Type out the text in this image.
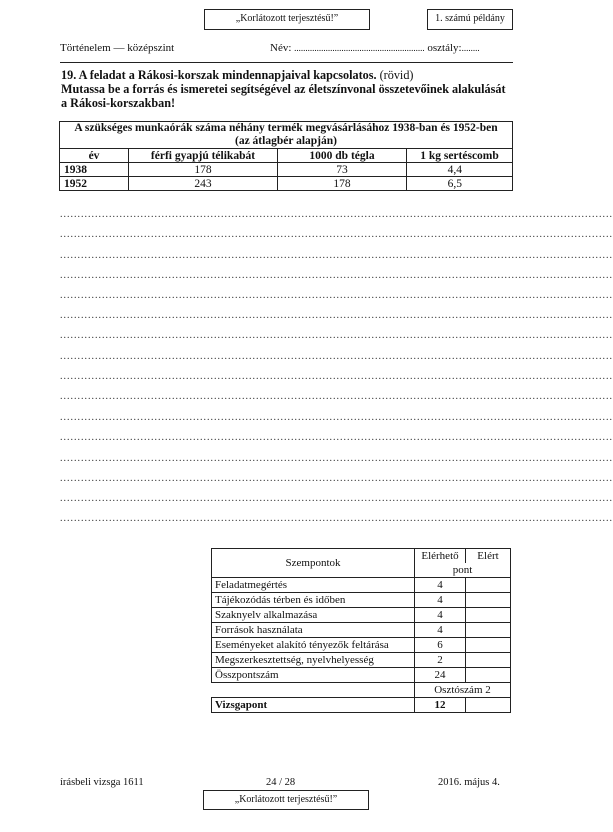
„Korlátozott terjesztésű!”	1. számú példány
Történelem — középszint	Név: .......................................................... osztály:........
19. A feladat a Rákosi-korszak mindennapjaival kapcsolatos. (rövid)
Mutassa be a forrás és ismeretei segítségével az életszínvonal összetevőinek alakulását a Rákosi-korszakban!
A szükséges munkaórák száma néhány termék megvásárlásához 1938-ban és 1952-ben			
(az átlagbér alapján)			
év	férfi gyapjú télikabát	1000 db tégla	1 kg sertéscomb
1938	178	73	4,4
1952	243	178	6,5
..............................................................................................................................................................
..............................................................................................................................................................
..............................................................................................................................................................
..............................................................................................................................................................
..............................................................................................................................................................
..............................................................................................................................................................
..............................................................................................................................................................
..............................................................................................................................................................
..............................................................................................................................................................
..............................................................................................................................................................
..............................................................................................................................................................
..............................................................................................................................................................
..............................................................................................................................................................
..............................................................................................................................................................
..............................................................................................................................................................
..............................................................................................................................................................
Szempontok	Elérhető	Elért
	pont	
Feladatmegértés	4	
Tájékozódás térben és időben	4	
Szaknyelv alkalmazása	4	
Források használata	4	
Eseményeket alakító tényezők feltárása	6	
Megszerkesztettség, nyelvhelyesség	2	
Összpontszám	24	
	Osztószám 2	
Vizsgapont	12	
írásbeli vizsga 1611	24 / 28	2016. május 4.
„Korlátozott terjesztésű!”
